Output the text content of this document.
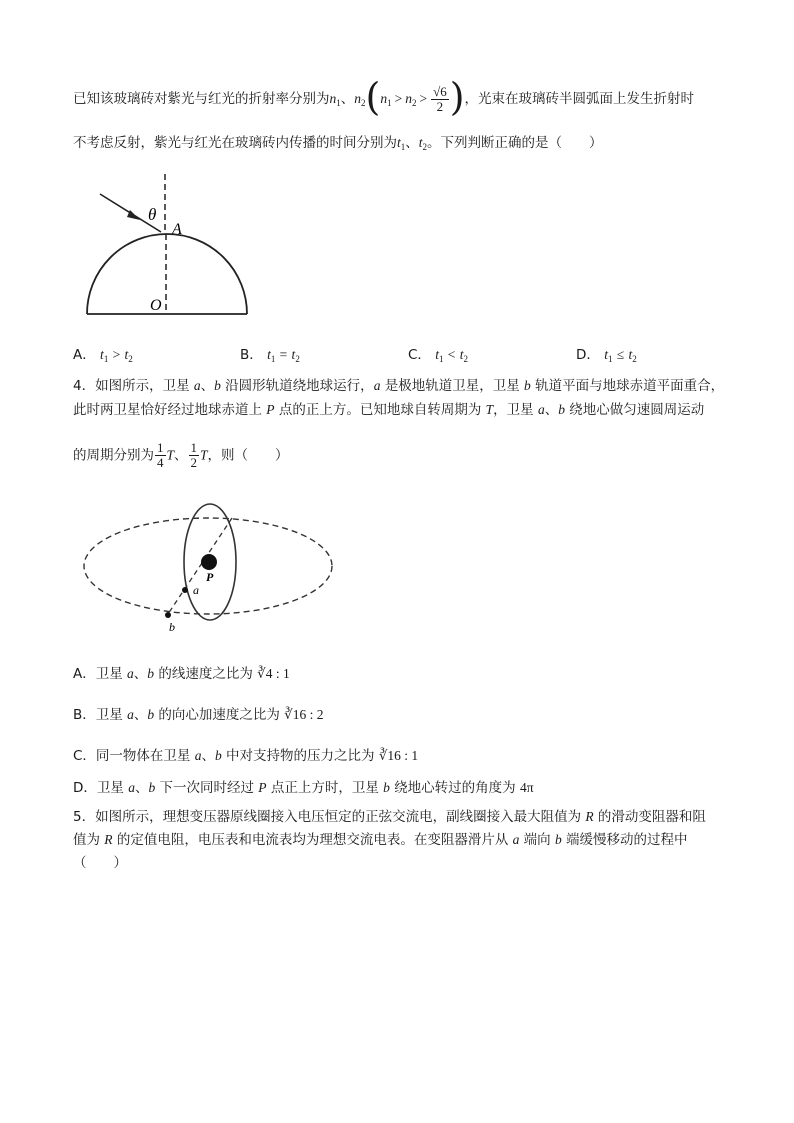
已知该玻璃砖对紫光与红光的折射率分别为$n_1$、$n_2(n_1 > n_2 > \frac{√6}{2}$ )，光束在玻璃砖半圆弧面上发生折射时
不考虑反射，紫光与红光在玻璃砖内传播的时间分别为$t_1$、$t_2$。下列判断正确的是（　　）
θ
A
O
A． $t_1 > t_2$	B． $t_1 = t_2$	C． $t_1 < t_2$	D． $t_1 \le t_2$
4．如图所示，卫星 a、b 沿圆形轨道绕地球运行，a 是极地轨道卫星，卫星 b 轨道平面与地球赤道平面重合，
此时两卫星恰好经过地球赤道上 P 点的正上方。已知地球自转周期为 T，卫星 a、b 绕地心做匀速圆周运动
的周期分别为 $\frac{1}{4}$ T、 $\frac{1}{2}$ T，则（　　）
P
a
b
A．卫星 a、b 的线速度之比为 ∛4 : 1
B．卫星 a、b 的向心加速度之比为 ∛16 : 2
C．同一物体在卫星 a、b 中对支持物的压力之比为 ∛16 : 1
D．卫星 a、b 下一次同时经过 P 点正上方时，卫星 b 绕地心转过的角度为 4π
5．如图所示，理想变压器原线圈接入电压恒定的正弦交流电，副线圈接入最大阻值为 R 的滑动变阻器和阻
值为 R 的定值电阻，电压表和电流表均为理想交流电表。在变阻器滑片从 a 端向 b 端缓慢移动的过程中
（　　）
